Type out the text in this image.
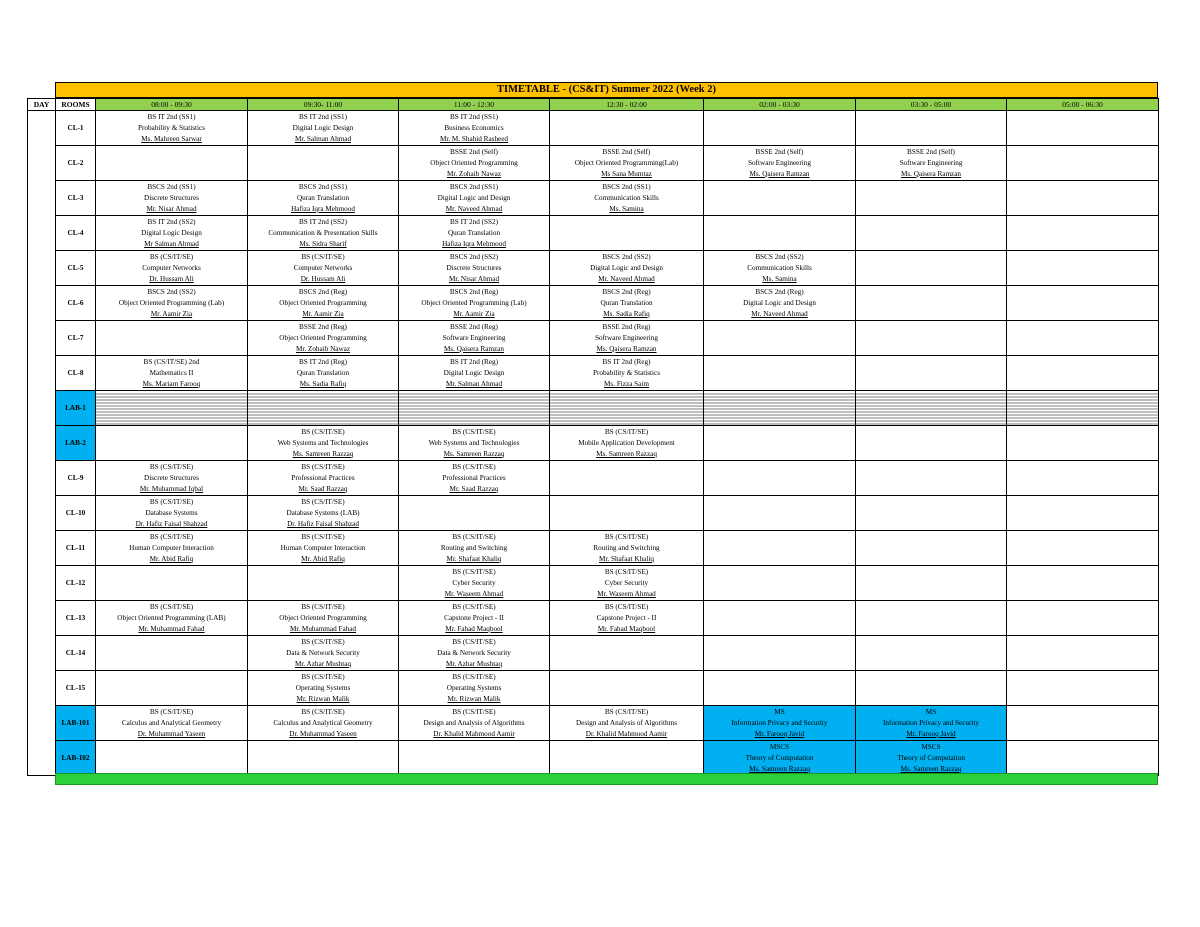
TIMETABLE - (CS&IT) Summer 2022 (Week 2)
DAY	ROOMS	08:00 - 09:30	09:30- 11:00	11:00 - 12:30	12:30 - 02:00	02:00 - 03:30	03:30 - 05:00	05:00 - 06:30
	CL-1	BS IT 2nd (SS1)
Probability & Statistics
Ms. Mahreen Sarwar	BS IT 2nd (SS1)
Digital Logic Design
Mr. Salman Ahmad	BS IT 2nd (SS1)
Business Economics
Mr. M. Shahid Rasheed				

	CL-2			BSSE 2nd (Self)
Object Oriented Programming
Mr. Zohaib Nawaz	BSSE 2nd (Self)
Object Oriented Programming(Lab)
Ms Sana Mumtaz	BSSE 2nd (Self)
Software Engineering
Ms. Qaisera Ramzan	BSSE 2nd (Self)
Software Engineering
Ms. Qaisera Ramzan	

	CL-3	BSCS 2nd (SS1)
Discrete Structures
Mr. Nisar Ahmad	BSCS 2nd (SS1)
Quran Translation
Hafiza Iqra Mehmood	BSCS 2nd (SS1)
Digital Logic and Design
Mr. Naveed Ahmad	BSCS 2nd (SS1)
Communication Skills
Ms. Samina			

	CL-4	BS IT 2nd (SS2)
Digital Logic Design
Mr Salman Ahmad	BS IT 2nd (SS2)
Communication & Presentation Skills
Ms. Sidra Sharif	BS IT 2nd (SS2)
Quran Translation
Hafiza Iqra Mehmood				

	CL-5	BS (CS/IT/SE)
Computer Networks
Dr. Hussam Ali	BS (CS/IT/SE)
Computer Networks
Dr. Hussam Ali	BSCS 2nd (SS2)
Discrete Structures
Mr. Nisar Ahmad	BSCS 2nd (SS2)
Digital Logic and Design
Mr. Naveed Ahmad	BSCS 2nd (SS2)
Communication Skills
Ms. Samina		

	CL-6	BSCS 2nd (SS2)
Object Oriented Programming (Lab)
Mr. Aamir Zia	BSCS 2nd (Reg)
Object Oriented Programming
Mr. Aamir Zia	BSCS 2nd (Reg)
Object Oriented Programming (Lab)
Mr. Aamir Zia	BSCS 2nd (Reg)
Quran Translation
Ms. Sadia Rafiq	BSCS 2nd (Reg)
Digital Logic and Design
Mr. Naveed Ahmad		

	CL-7		BSSE 2nd (Reg)
Object Oriented Programming
Mr. Zohaib Nawaz	BSSE 2nd (Reg)
Software Engineering
Ms. Qaisera Ramzan	BSSE 2nd (Reg)
Software Engineering
Ms. Qaisera Ramzan			

	CL-8	BS (CS/IT/SE) 2nd
Mathematics II
Ms. Mariam Farooq	BS IT 2nd (Reg)
Quran Translation
Ms. Sadia Rafiq	BS IT 2nd (Reg)
Digital Logic Design
Mr. Salman Ahmad	BS IT 2nd (Reg)
Probability & Statistics
Ms. Fizza Saim			

	LAB-1							
	LAB-2		BS (CS/IT/SE)
Web Systems and Technologies
Ms. Samreen Razzaq	BS (CS/IT/SE)
Web Systems and Technologies
Ms. Samreen Razzaq	BS (CS/IT/SE)
Mobile Application Development
Ms. Samreen Razzaq			

	CL-9	BS (CS/IT/SE)
Discrete Structures
Mr. Muhammad Iqbal	BS (CS/IT/SE)
Professional Practices
Mr. Saad Razzaq	BS (CS/IT/SE)
Professional Practices
Mr. Saad Razzaq				

	CL-10	BS (CS/IT/SE)
Database Systems
Dr. Hafiz Faisal Shahzad	BS (CS/IT/SE)
Database Systems (LAB)
Dr. Hafiz Faisal Shahzad					

	CL-11	BS (CS/IT/SE)
Human Computer Interaction
Mr. Abid Rafiq	BS (CS/IT/SE)
Human Computer Interaction
Mr. Abid Rafiq	BS (CS/IT/SE)
Routing and Switching
Mr. Shafaat Khaliq	BS (CS/IT/SE)
Routing and Switching
Mr. Shafaat Khaliq			

	CL-12			BS (CS/IT/SE)
Cyber Security
Mr. Waseem Ahmad	BS (CS/IT/SE)
Cyber Security
Mr. Waseem Ahmad			

	CL-13	BS (CS/IT/SE)
Object Oriented Programming (LAB)
Mr. Muhammad Fahad	BS (CS/IT/SE)
Object Oriented Programming
Mr. Muhammad Fahad	BS (CS/IT/SE)
Capstone Project - II
Mr. Fahad Maqbool	BS (CS/IT/SE)
Capstone Project - II
Mr. Fahad Maqbool			

	CL-14		BS (CS/IT/SE)
Data & Network Security
Mr. Azhar Mushtaq	BS (CS/IT/SE)
Data & Network Security
Mr. Azhar Mushtaq				

	CL-15		BS (CS/IT/SE)
Operating Systems
Mr. Rizwan Malik	BS (CS/IT/SE)
Operating Systems
Mr. Rizwan Malik				

	LAB-101	BS (CS/IT/SE)
Calculus and Analytical Geometry
Dr. Muhammad Yaseen	BS (CS/IT/SE)
Calculus and Analytical Geometry
Dr. Muhammad Yaseen	BS (CS/IT/SE)
Design and Analysis of Algorithms
Dr. Khalid Mahmood Aamir	BS (CS/IT/SE)
Design and Analysis of Algorithms
Dr. Khalid Mahmood Aamir	MS
Information Privacy and Security
Mr. Farooq Javid	MS
Information Privacy and Security
Mr. Farooq Javid	

	LAB-102					MSCS
Theory of Computation
Ms. Samreen Razzaq	MSCS
Theory of Computation
Ms. Samreen Razzaq	
